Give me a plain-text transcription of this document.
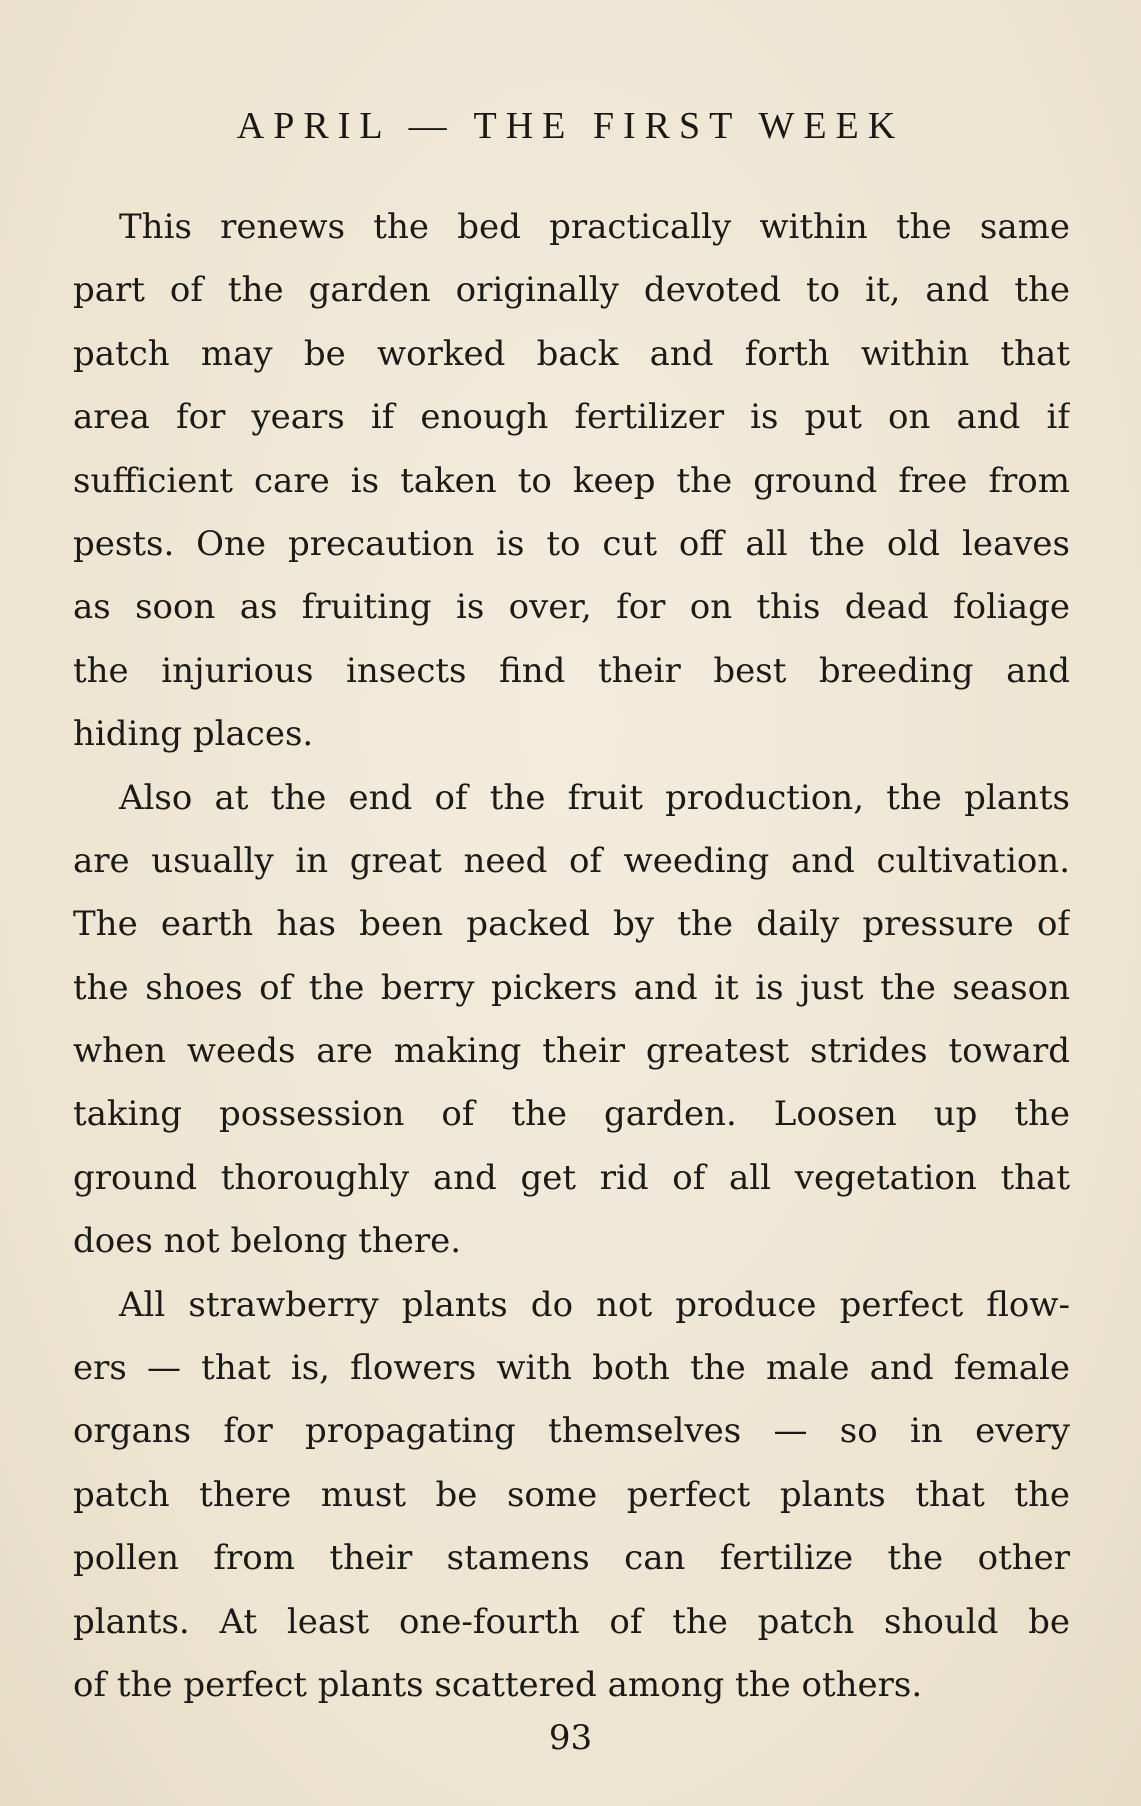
APRIL — THE FIRST WEEK
This renews the bed practically within the same
part of the garden originally devoted to it, and the
patch may be worked back and forth within that
area for years if enough fertilizer is put on and if
sufficient care is taken to keep the ground free from
pests. One precaution is to cut off all the old leaves
as soon as fruiting is over, for on this dead foliage
the injurious insects find their best breeding and
hiding places.
Also at the end of the fruit production, the plants
are usually in great need of weeding and cultivation.
The earth has been packed by the daily pressure of
the shoes of the berry pickers and it is just the season
when weeds are making their greatest strides toward
taking possession of the garden. Loosen up the
ground thoroughly and get rid of all vegetation that
does not belong there.
All strawberry plants do not produce perfect flow-
ers — that is, flowers with both the male and female
organs for propagating themselves — so in every
patch there must be some perfect plants that the
pollen from their stamens can fertilize the other
plants. At least one-fourth of the patch should be
of the perfect plants scattered among the others.
93
